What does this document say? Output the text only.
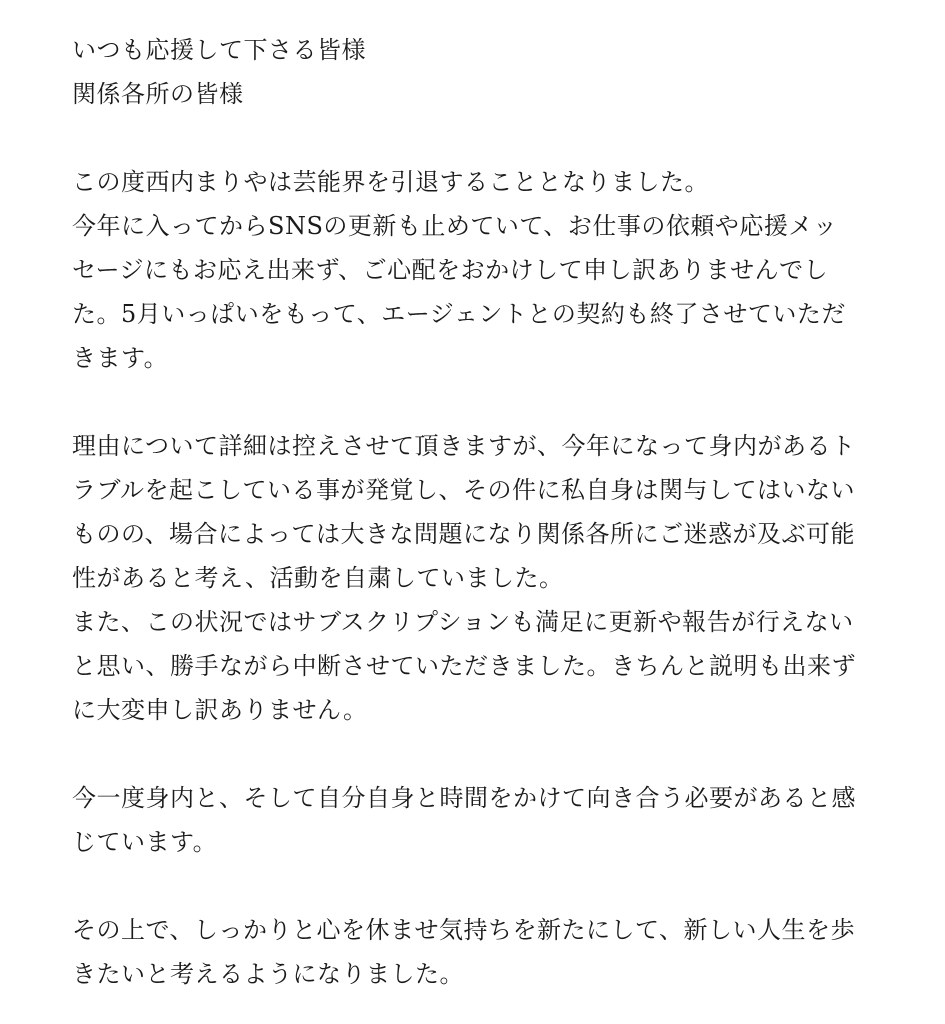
いつも応援して下さる皆様
関係各所の皆様
この度西内まりやは芸能界を引退することとなりました。
今年に入ってからSNSの更新も止めていて、お仕事の依頼や応援メッ
セージにもお応え出来ず、ご心配をおかけして申し訳ありませんでし
た。5月いっぱいをもって、エージェントとの契約も終了させていただ
きます。
理由について詳細は控えさせて頂きますが、今年になって身内があるト
ラブルを起こしている事が発覚し、その件に私自身は関与してはいない
ものの、場合によっては大きな問題になり関係各所にご迷惑が及ぶ可能
性があると考え、活動を自粛していました。
また、この状況ではサブスクリプションも満足に更新や報告が行えない
と思い、勝手ながら中断させていただきました。きちんと説明も出来ず
に大変申し訳ありません。
今一度身内と、そして自分自身と時間をかけて向き合う必要があると感
じています。
その上で、しっかりと心を休ませ気持ちを新たにして、新しい人生を歩
きたいと考えるようになりました。
